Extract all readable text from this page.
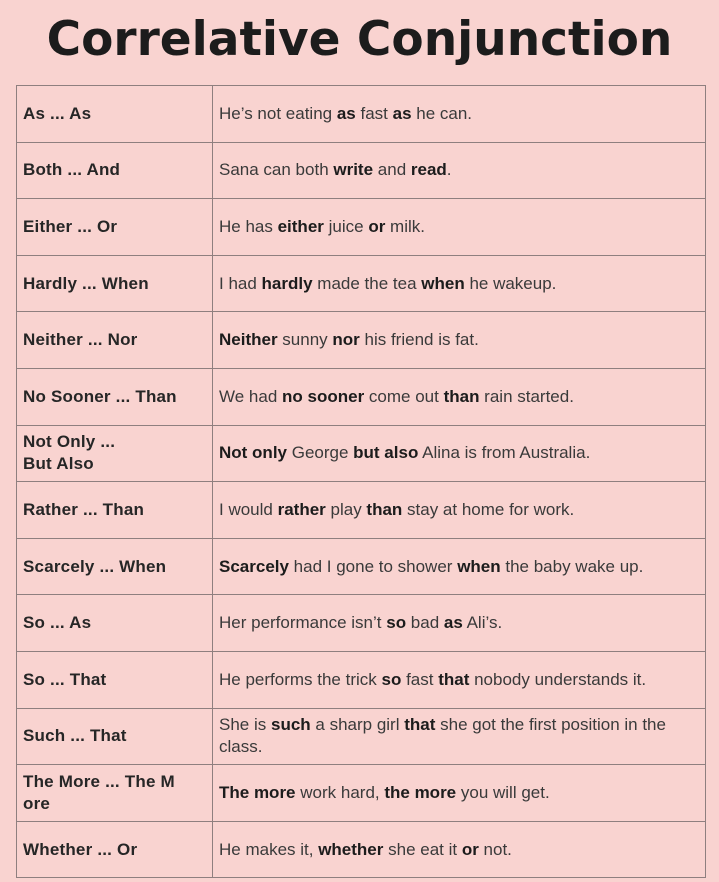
Correlative Conjunction
As ... As	He’s not eating as fast as he can.
Both ... And	Sana can both write and read.
Either ... Or	He has either juice or milk.
Hardly ... When	I had hardly made the tea when he wakeup.
Neither ... Nor	Neither sunny nor his friend is fat.
No Sooner ... Than	We had no sooner come out than rain started.
Not Only ...
But Also	Not only George but also Alina is from Australia.
Rather ... Than	I would rather play than stay at home for work.
Scarcely ... When	Scarcely had I gone to shower when the baby wake up.
So ... As	Her performance isn’t so bad as Ali’s.
So ... That	He performs the trick so fast that nobody understands it.
Such ... That	She is such a sharp girl that she got the first position in the class.
The More ... The M
ore	The more work hard, the more you will get.
Whether ... Or	He makes it, whether she eat it or not.
